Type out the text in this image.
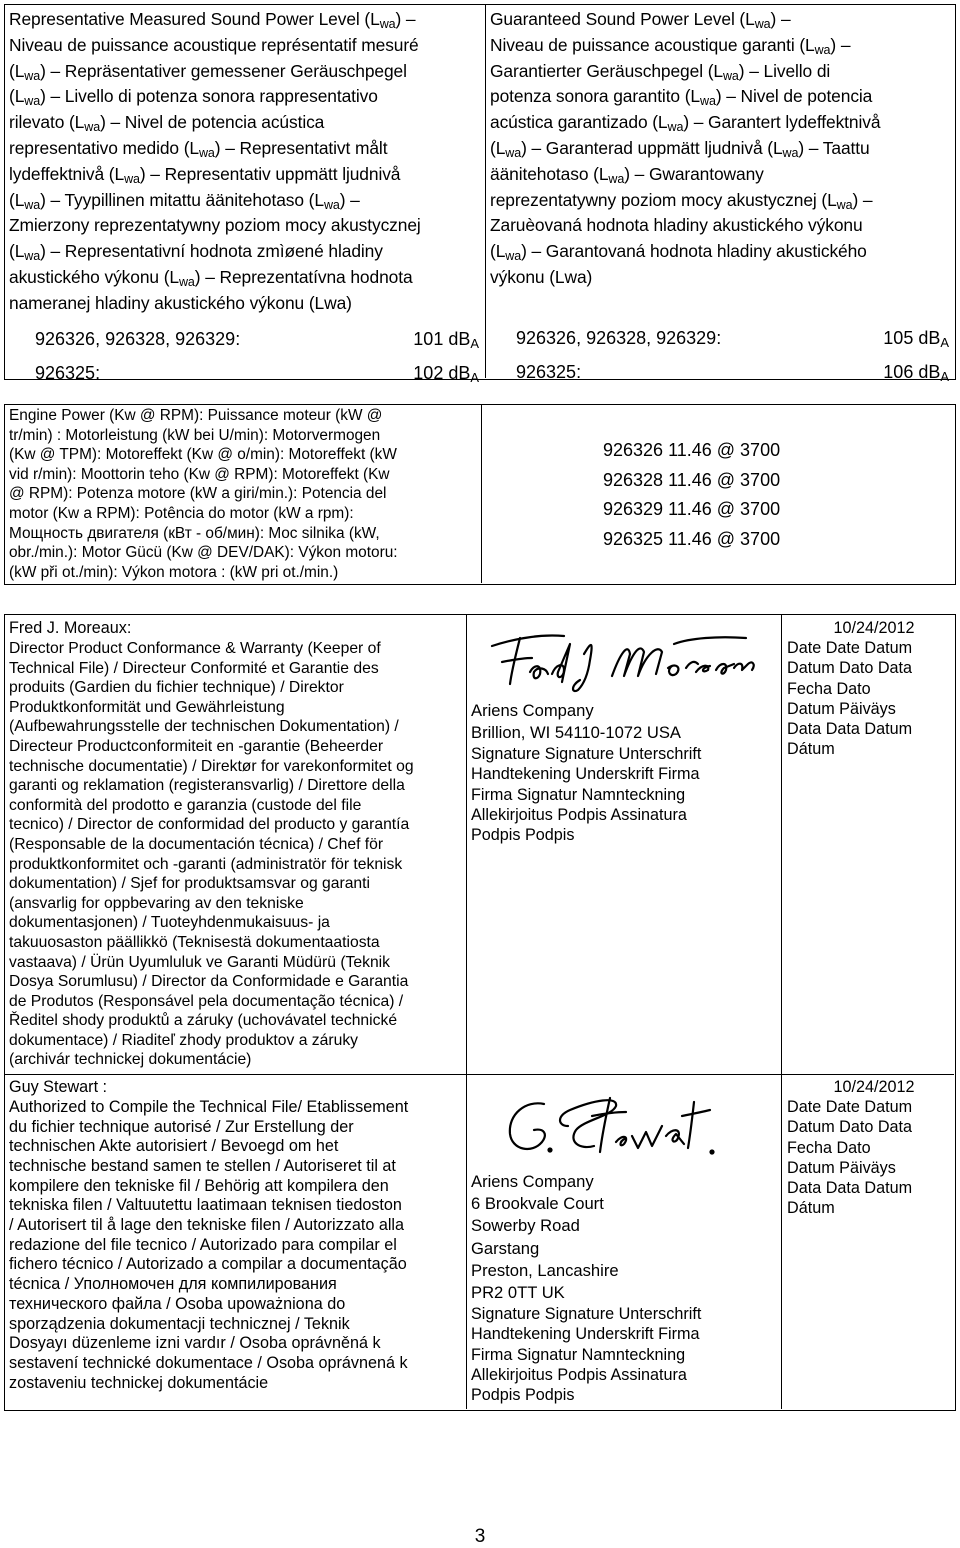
Representative Measured Sound Power Level $(L_{wa})$ –
Niveau de puissance acoustique représentatif mesuré
$(L_{wa})$ – Repräsentativer gemessener Geräuschpegel
$(L_{wa})$ – Livello di potenza sonora rappresentativo
rilevato $(L_{wa})$ – Nivel de potencia acústica
representativo medido $(L_{wa})$ – Representativt målt
lydeffektnivå $(L_{wa})$ – Representativ uppmätt ljudnivå
$(L_{wa})$ – Tyypillinen mitattu äänitehotaso $(L_{wa})$ –
Zmierzony reprezentatywny poziom mocy akustycznej
$(L_{wa})$ – Representativní hodnota zmìøené hladiny
akustického výkonu $(L_{wa})$ – Reprezentatívna hodnota
nameranej hladiny akustického výkonu (Lwa)
926326, 926328, 926329:	101 $dB_A$
926325:	102 $dB_A$
Guaranteed Sound Power Level $(L_{wa})$ –
Niveau de puissance acoustique garanti $(L_{wa})$ –
Garantierter Geräuschpegel $(L_{wa})$ – Livello di
potenza sonora garantito $(L_{wa})$ – Nivel de potencia
acústica garantizado $(L_{wa})$ – Garantert lydeffektnivå
$(L_{wa})$ – Garanterad uppmätt ljudnivå $(L_{wa})$ – Taattu
äänitehotaso $(L_{wa})$ – Gwarantowany
reprezentatywny poziom mocy akustycznej $(L_{wa})$ –
Zaruèovaná hodnota hladiny akustického výkonu
$(L_{wa})$ – Garantovaná hodnota hladiny akustického
výkonu (Lwa)
926326, 926328, 926329:	105 $dB_A$
926325:	106 $dB_A$
Engine Power (Kw @ RPM): Puissance moteur (kW @
tr/min) : Motorleistung (kW bei U/min): Motorvermogen
(Kw @ TPM): Motoreffekt (Kw @ o/min): Motoreffekt (kW
vid r/min): Moottorin teho (Kw @ RPM): Motoreffekt (Kw
@ RPM): Potenza motore (kW a giri/min.): Potencia del
motor (Kw a RPM): Potência do motor (kW a rpm):
Мощность двигателя (кВт - об/мин): Moc silnika (kW,
obr./min.): Motor Gücü (Kw @ DEV/DAK): Výkon motoru:
(kW při ot./min): Výkon motora : (kW pri ot./min.)
926326 11.46 @ 3700
926328 11.46 @ 3700
926329 11.46 @ 3700
926325 11.46 @ 3700
Fred J. Moreaux:
Director Product Conformance & Warranty (Keeper of
Technical File) / Directeur Conformité et Garantie des
produits (Gardien du fichier technique) / Direktor
Produktkonformität und Gewährleistung
(Aufbewahrungsstelle der technischen Dokumentation) /
Directeur Productconformiteit en -garantie (Beheerder
technische documentatie) / Direktør for varekonformitet og
garanti og reklamation (registeransvarlig) / Direttore della
conformità del prodotto e garanzia (custode del file
tecnico) / Director de conformidad del producto y garantía
(Responsable de la documentación técnica) / Chef för
produktkonformitet och -garanti (administratör för teknisk
dokumentation) / Sjef for produktsamsvar og garanti
(ansvarlig for oppbevaring av den tekniske
dokumentasjonen) / Tuoteyhdenmukaisuus- ja
takuuosaston päällikkö (Teknisestä dokumentaatiosta
vastaava) / Ürün Uyumluluk ve Garanti Müdürü (Teknik
Dosya Sorumlusu) / Director da Conformidade e Garantia
de Produtos (Responsável pela documentação técnica) /
Ředitel shody produktů a záruky (uchovávatel technické
dokumentace) / Riaditeľ zhody produktov a záruky
(archivár technickej dokumentácie)
Ariens Company
Brillion, WI 54110-1072 USA
Signature Signature Unterschrift
Handtekening Underskrift Firma
Firma Signatur Namnteckning
Allekirjoitus Podpis Assinatura
Podpis Podpis
10/24/2012
Date Date Datum
Datum Dato Data
Fecha Dato
Datum Päiväys
Data Data Datum
Dátum
Guy Stewart :
Authorized to Compile the Technical File/ Etablissement
du fichier technique autorisé / Zur Erstellung der
technischen Akte autorisiert / Bevoegd om het
technische bestand samen te stellen / Autoriseret til at
kompilere den tekniske fil / Behörig att kompilera den
tekniska filen / Valtuutettu laatimaan teknisen tiedoston
/ Autorisert til å lage den tekniske filen / Autorizzato alla
redazione del file tecnico / Autorizado para compilar el
fichero técnico / Autorizado a compilar a documentação
técnica / Уполномочен для компилирования
технического файла / Osoba upoważniona do
sporządzenia dokumentacji technicznej / Teknik
Dosyayı düzenleme izni vardır / Osoba oprávněná k
sestavení technické dokumentace / Osoba oprávnená k
zostaveniu technickej dokumentácie
Ariens Company
6 Brookvale Court
Sowerby Road
Garstang
Preston, Lancashire
PR2 0TT UK
Signature Signature Unterschrift
Handtekening Underskrift Firma
Firma Signatur Namnteckning
Allekirjoitus Podpis Assinatura
Podpis Podpis
10/24/2012
Date Date Datum
Datum Dato Data
Fecha Dato
Datum Päiväys
Data Data Datum
Dátum
3
